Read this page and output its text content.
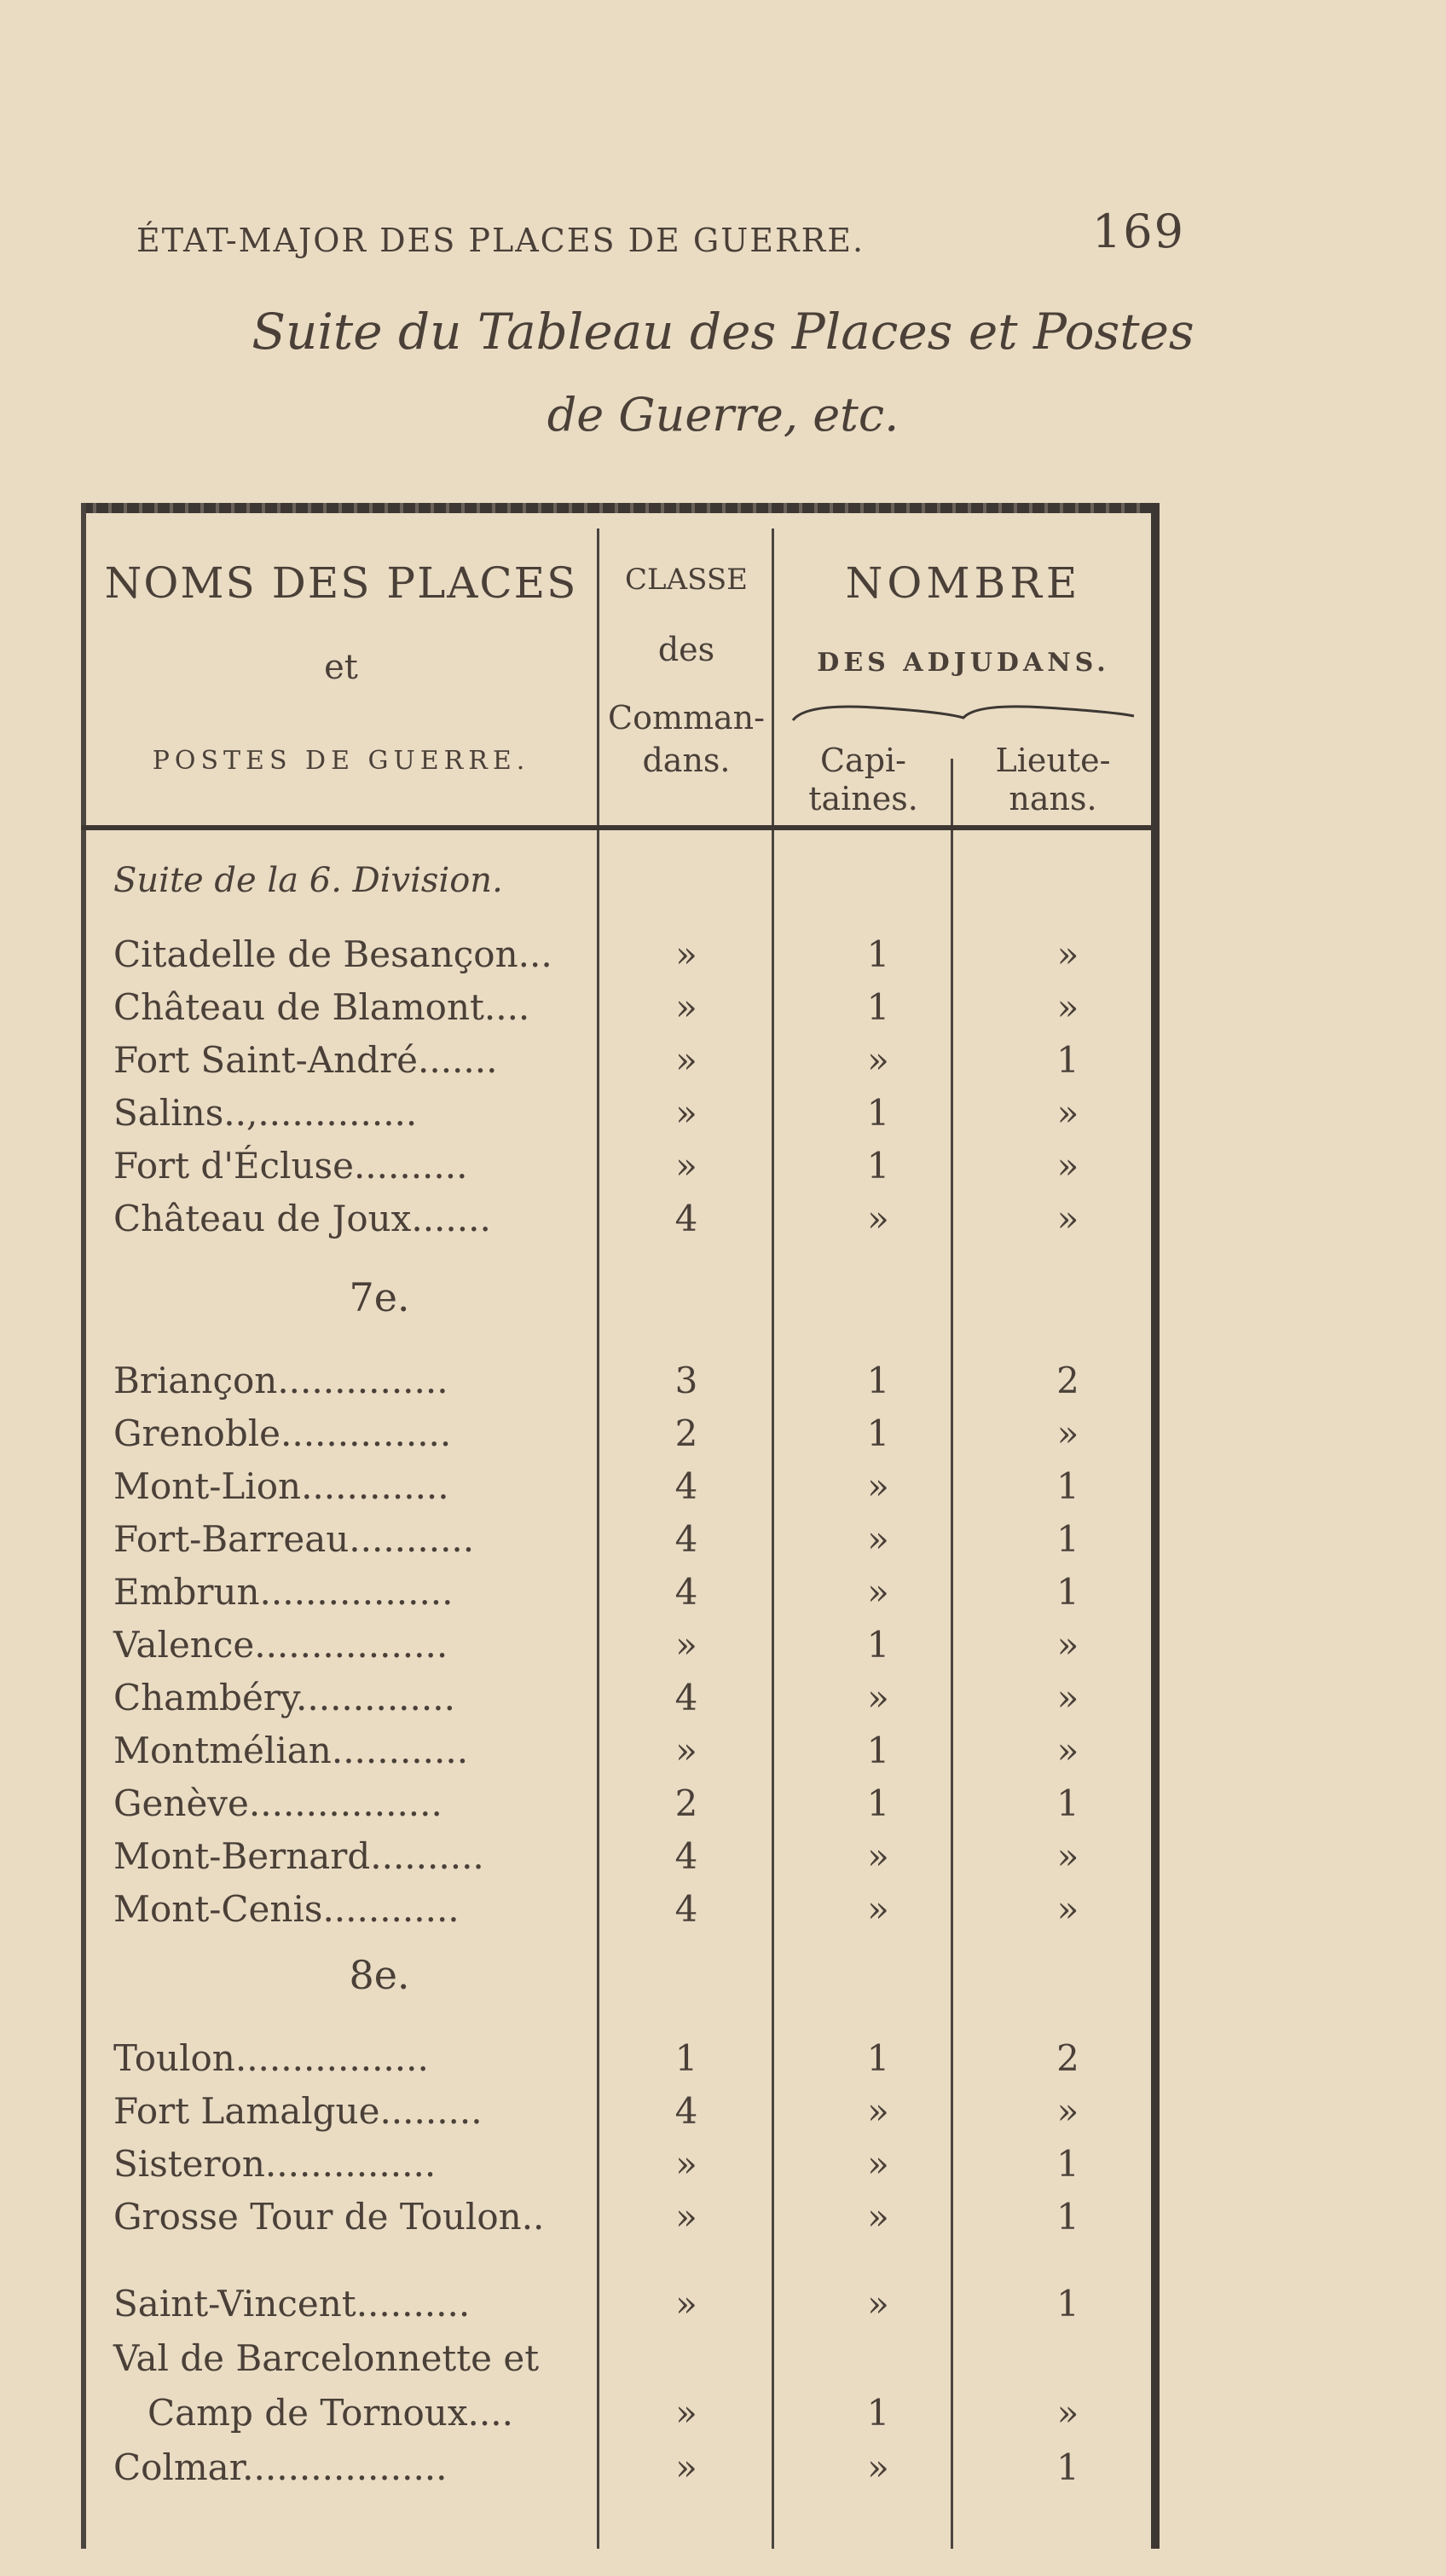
ÉTAT-MAJOR DES PLACES DE GUERRE.	169
Suite du Tableau des Places et Postes
de Guerre, etc.
NOMS DES PLACES
et
POSTES DE GUERRE.
CLASSE
des
Comman-
dans.
NOMBRE
DES ADJUDANS.
Capi-
taines.
Lieute-
nans.
Suite de la 6. Division.
Citadelle de Besançon...	»	1	»
Château de Blamont....	»	1	»
Fort Saint-André.......	»	»	1
Salins..,..............	»	1	»
Fort d'Écluse..........	»	1	»
Château de Joux.......	4	»	»
7e.
Briançon...............	3	1	2
Grenoble...............	2	1	»
Mont-Lion.............	4	»	1
Fort-Barreau...........	4	»	1
Embrun.................	4	»	1
Valence.................	»	1	»
Chambéry..............	4	»	»
Montmélian............	»	1	»
Genève.................	2	1	1
Mont-Bernard..........	4	»	»
Mont-Cenis............	4	»	»
8e.
Toulon.................	1	1	2
Fort Lamalgue.........	4	»	»
Sisteron...............	»	»	1
Grosse Tour de Toulon..	»	»	1
Saint-Vincent..........	»	»	1
Val de Barcelonnette et
Camp de Tornoux....	»	1	»
Colmar..................	»	»	1
